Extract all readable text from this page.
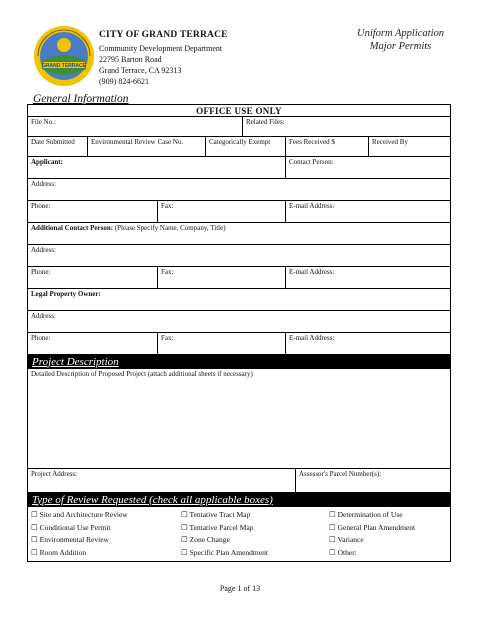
GRAND TERRACE
CITY OF GRAND TERRACE
Community Development Department
22795 Barton Road
Grand Terrace, CA 92313
(909) 824-6621
Uniform Application
Major Permits
General Information
OFFICE USE ONLY
File No.:	Related Files:
Date Submitted	Environmental Review Case No.	Categorically Exempt	Fees Received $	Received By
Applicant:	Contact Person:
Address:
Phone:	Fax:	E-mail Address:
Additional Contact Person: (Please Specify Name, Company, Title)
Address:
Phone:	Fax:	E-mail Address:
Legal Property Owner:
Address:
Phone:	Fax:	E-mail Address:
Project Description
Detailed Description of Proposed Project (attach additional sheets if necessary)
Project Address:	Assessor's Parcel Number(s):
Type of Review Requested (check all applicable boxes)
☐ Site and Architecture Review
☐ Conditional Use Permit
☐ Environmental Review
☐ Room Addition
☐ Tentative Tract Map
☐ Tentative Parcel Map
☐ Zone Change
☐ Specific Plan Amendment
☐ Determination of Use
☐ General Plan Amendment
☐ Variance
☐ Other:
Page 1 of 13
